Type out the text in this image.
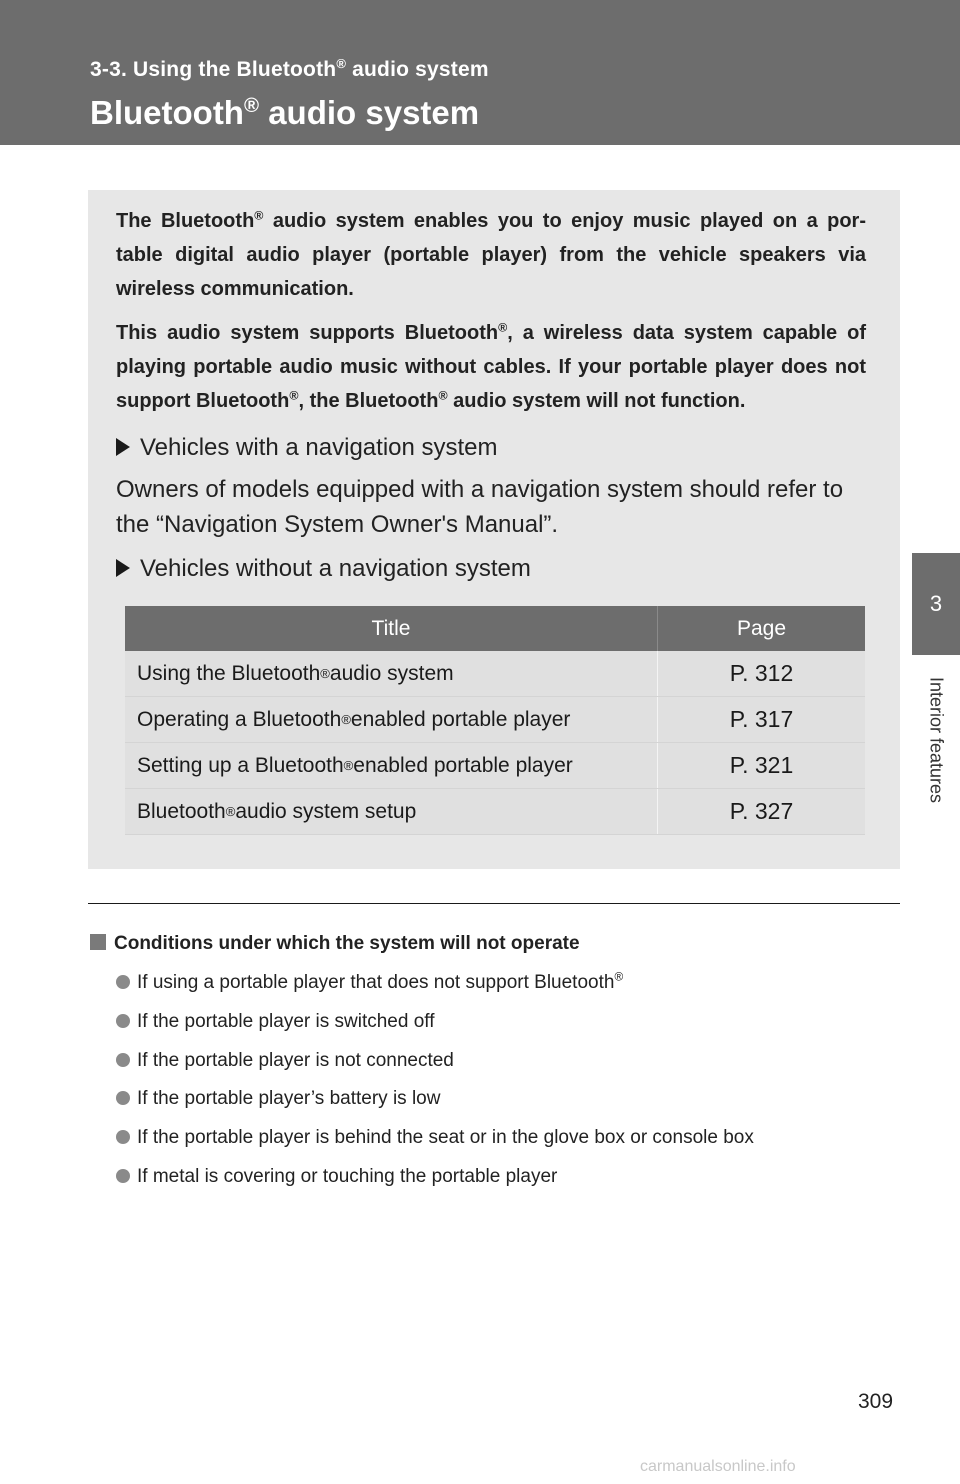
3-3. Using the Bluetooth® audio system
Bluetooth® audio system
3
Interior features
The Bluetooth® audio system enables you to enjoy music played on a por-table digital audio player (portable player) from the vehicle speakers via wireless communication.
This audio system supports Bluetooth®, a wireless data system capable of playing portable audio music without cables. If your portable player does not support Bluetooth®, the Bluetooth® audio system will not function.
Vehicles with a navigation system
Owners of models equipped with a navigation system should refer to the “Navigation System Owner's Manual”.
Vehicles without a navigation system
Title	Page
Using the Bluetooth ® audio system	P. 312
Operating a Bluetooth ® enabled portable player	P. 317
Setting up a Bluetooth ® enabled portable player	P. 321
Bluetooth ® audio system setup	P. 327
Conditions under which the system will not operate
If using a portable player that does not support Bluetooth®
If the portable player is switched off
If the portable player is not connected
If the portable player’s battery is low
If the portable player is behind the seat or in the glove box or console box
If metal is covering or touching the portable player
309
carmanualsonline.info
